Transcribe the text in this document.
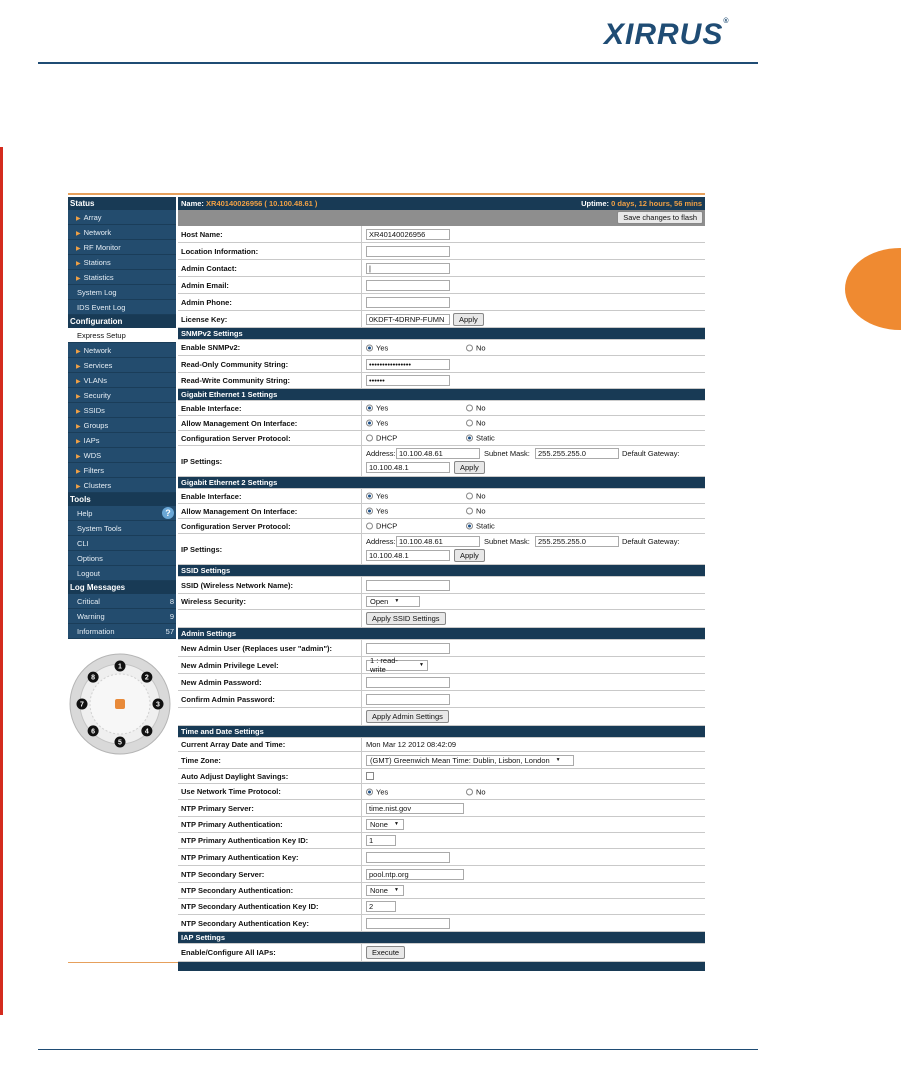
XIRRUS®
Status
▶ Array
▶ Network
▶ RF Monitor
▶ Stations
▶ Statistics
System Log
IDS Event Log
Configuration
Express Setup
▶ Network
▶ Services
▶ VLANs
▶ Security
▶ SSIDs
▶ Groups
▶ IAPs
▶ WDS
▶ Filters
▶ Clusters
Tools
Help	?
System Tools
CLI
Options
Logout
Log Messages
Critical	8
Warning	9
Information	57
1
2
3
4
5
6
7
8
Name: XR40140026956 ( 10.100.48.61 )	Uptime: 0 days, 12 hours, 56 mins
Save changes to flash
Host Name:	XR40140026956
Location Information:
Admin Contact:	|
Admin Email:
Admin Phone:
License Key:	0KDFT-4DRNP-FUMN	Apply
SNMPv2 Settings
Enable SNMPv2:	Yes	No
Read-Only Community String:	••••••••••••••••
Read-Write Community String:	••••••
Gigabit Ethernet 1 Settings
Enable Interface:	Yes	No
Allow Management On Interface:	Yes	No
Configuration Server Protocol:	DHCP	Static
IP Settings:
Address: 10.100.48.61	Subnet Mask:	255.255.255.0	Default Gateway:
10.100.48.1	Apply
Gigabit Ethernet 2 Settings
Enable Interface:	Yes	No
Allow Management On Interface:	Yes	No
Configuration Server Protocol:	DHCP	Static
IP Settings:
Address: 10.100.48.61	Subnet Mask:	255.255.255.0	Default Gateway:
10.100.48.1	Apply
SSID Settings
SSID (Wireless Network Name):
Wireless Security:	Open ▼
Apply SSID Settings
Admin Settings
New Admin User (Replaces user "admin"):
New Admin Privilege Level:	1 : read-write
▼
New Admin Password:
Confirm Admin Password:
Apply Admin Settings
Time and Date Settings
Current Array Date and Time:	Mon Mar 12 2012 08:42:09
Time Zone:	(GMT) Greenwich Mean Time: Dublin, Lisbon, London ▼
Auto Adjust Daylight Savings:
Use Network Time Protocol:	Yes	No
NTP Primary Server:	time.nist.gov
NTP Primary Authentication:	None ▼
NTP Primary Authentication Key ID:	1
NTP Primary Authentication Key:
NTP Secondary Server:	pool.ntp.org
NTP Secondary Authentication:	None ▼
NTP Secondary Authentication Key ID:	2
NTP Secondary Authentication Key:
IAP Settings
Enable/Configure All IAPs:	Execute
